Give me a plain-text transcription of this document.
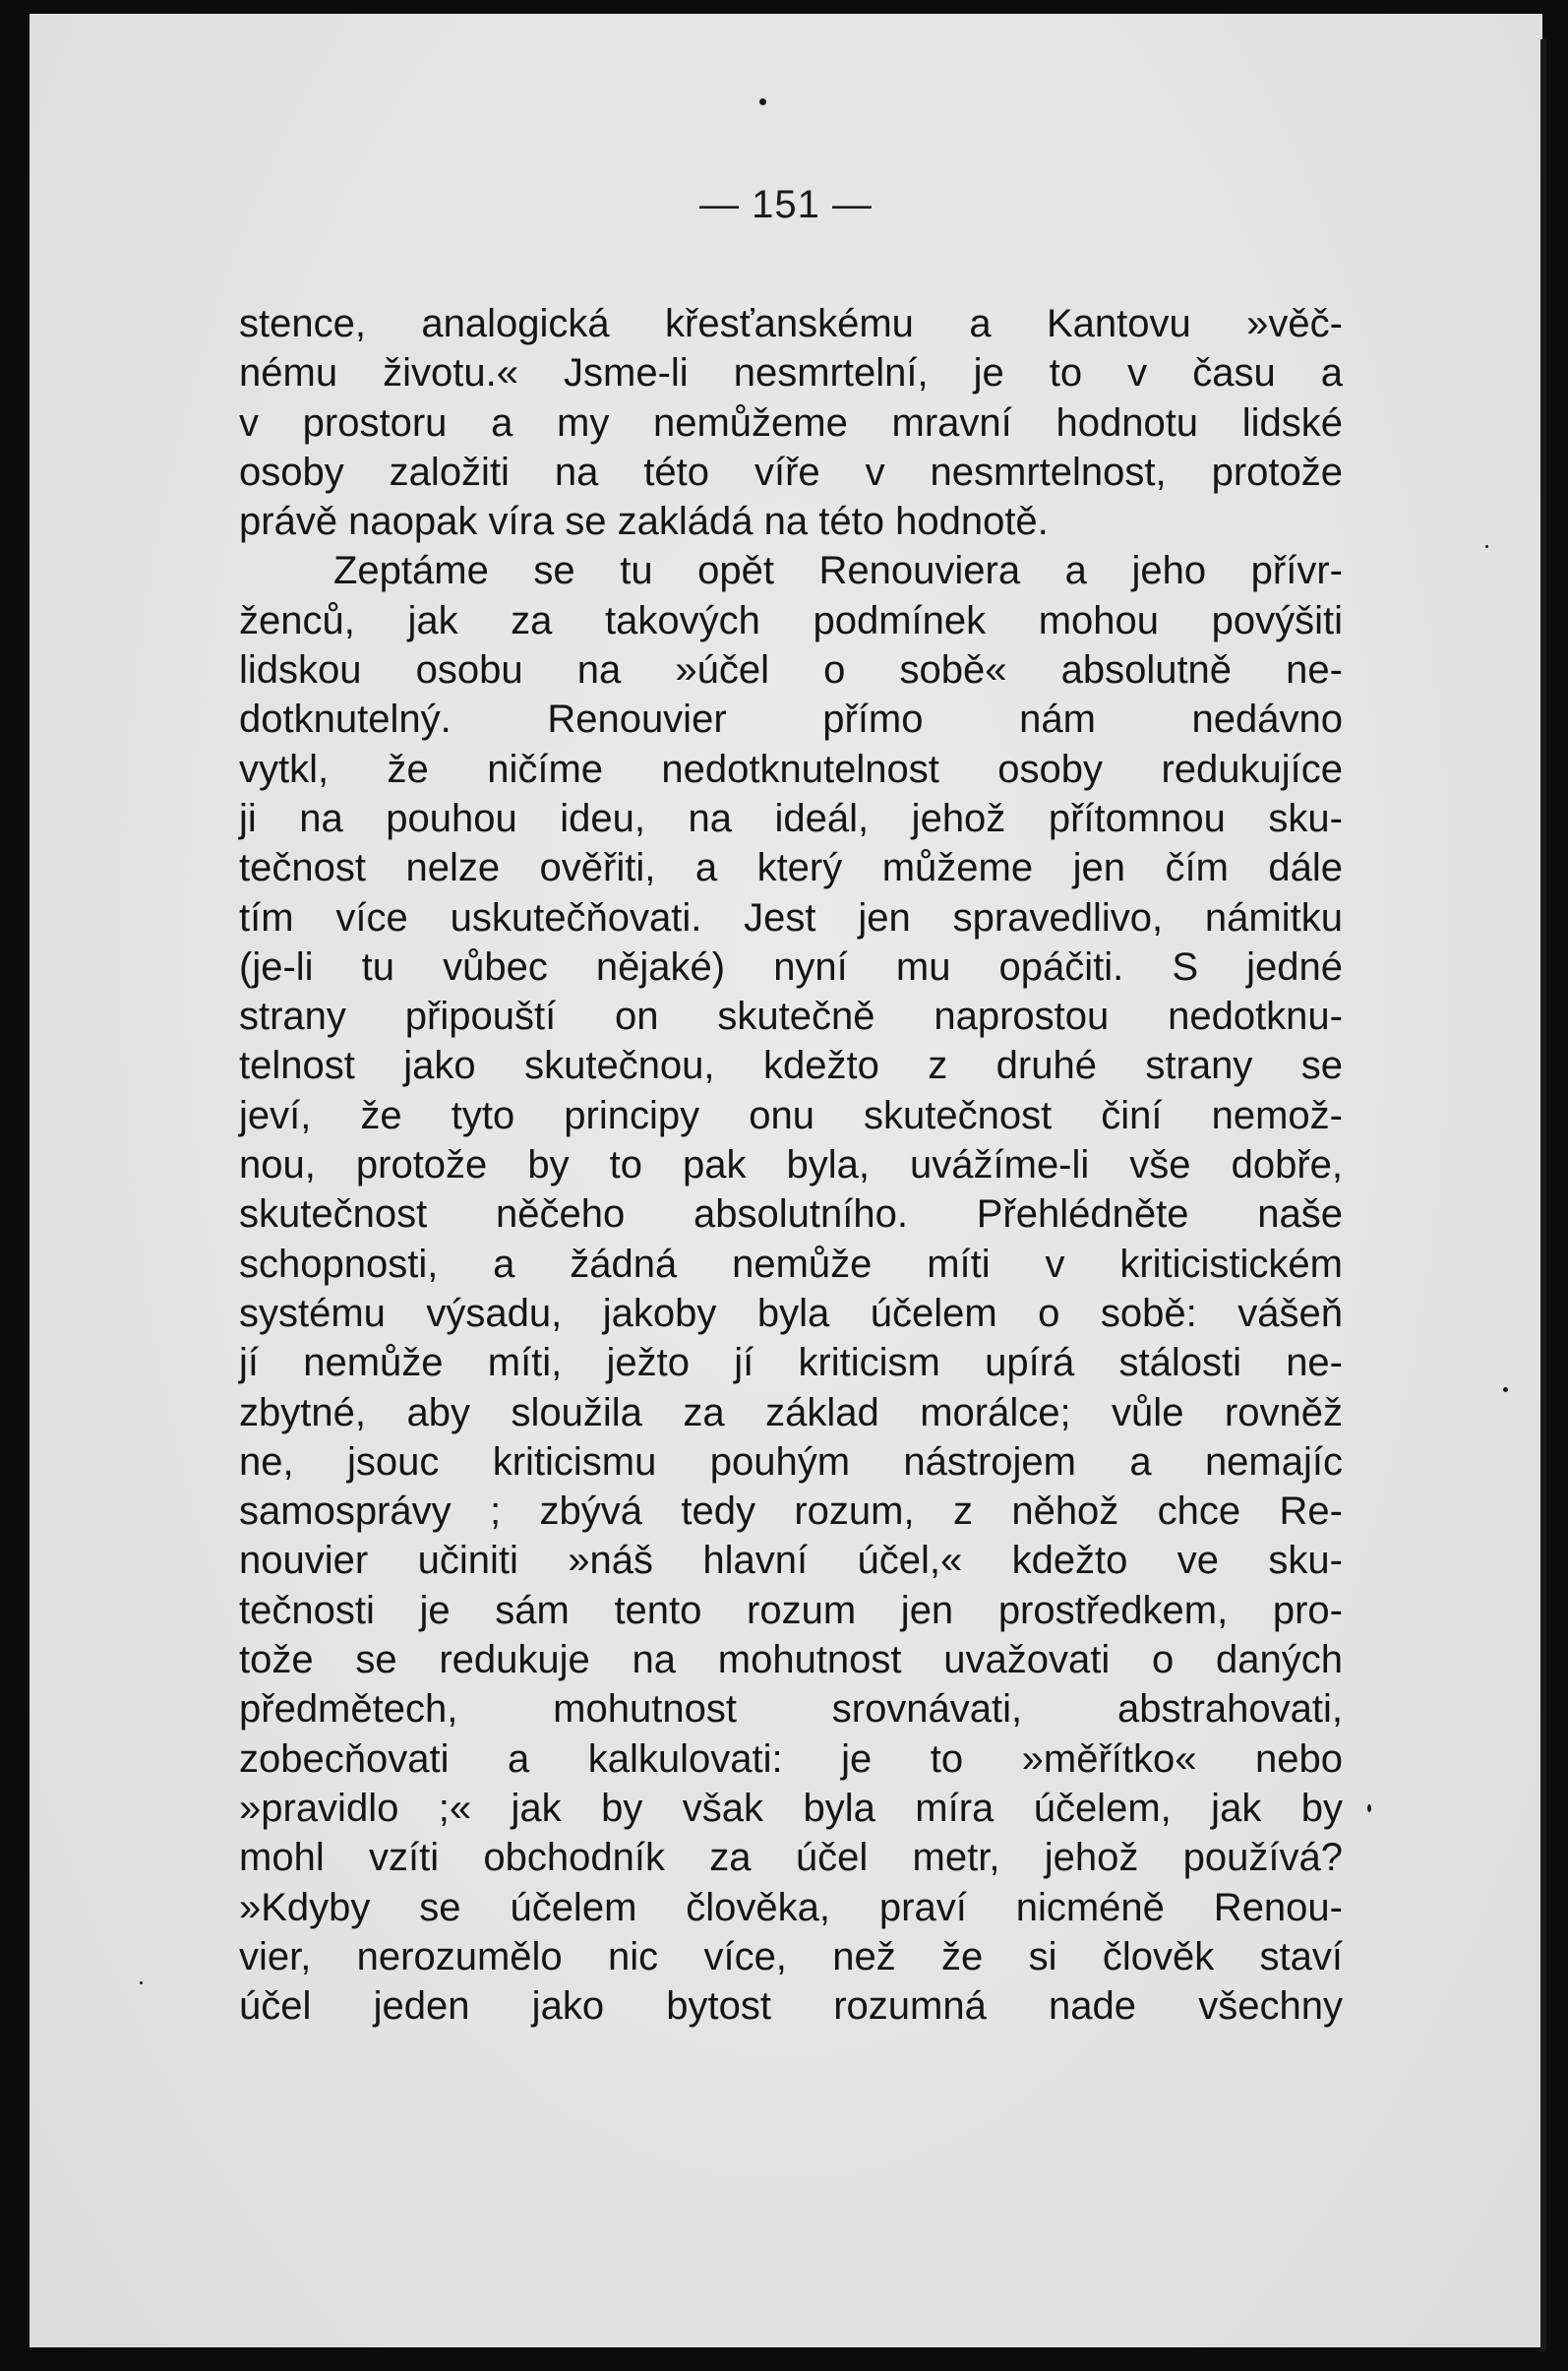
— 151 —
stence, analogická křesťanskému a Kantovu »věč-
nému životu.« Jsme-li nesmrtelní, je to v času a
v prostoru a my nemůžeme mravní hodnotu lidské
osoby založiti na této víře v nesmrtelnost, protože
právě naopak víra se zakládá na této hodnotě.
Zeptáme se tu opět Renouviera a jeho přívr-
ženců, jak za takových podmínek mohou povýšiti
lidskou osobu na »účel o sobě« absolutně ne-
dotknutelný. Renouvier přímo nám nedávno
vytkl, že ničíme nedotknutelnost osoby redukujíce
ji na pouhou ideu, na ideál, jehož přítomnou sku-
tečnost nelze ověřiti, a který můžeme jen čím dále
tím více uskutečňovati. Jest jen spravedlivo, námitku
(je-li tu vůbec nějaké) nyní mu opáčiti. S jedné
strany připouští on skutečně naprostou nedotknu-
telnost jako skutečnou, kdežto z druhé strany se
jeví, že tyto principy onu skutečnost činí nemož-
nou, protože by to pak byla, uvážíme-li vše dobře,
skutečnost něčeho absolutního. Přehlédněte naše
schopnosti, a žádná nemůže míti v kriticistickém
systému výsadu, jakoby byla účelem o sobě: vášeň
jí nemůže míti, ježto jí kriticism upírá stálosti ne-
zbytné, aby sloužila za základ morálce; vůle rovněž
ne, jsouc kriticismu pouhým nástrojem a nemajíc
samosprávy ; zbývá tedy rozum, z něhož chce Re-
nouvier učiniti »náš hlavní účel,« kdežto ve sku-
tečnosti je sám tento rozum jen prostředkem, pro-
tože se redukuje na mohutnost uvažovati o daných
předmětech, mohutnost srovnávati, abstrahovati,
zobecňovati a kalkulovati: je to »měřítko« nebo
»pravidlo ;« jak by však byla míra účelem, jak by
mohl vzíti obchodník za účel metr, jehož používá?
»Kdyby se účelem člověka, praví nicméně Renou-
vier, nerozumělo nic více, než že si člověk staví
účel jeden jako bytost rozumná nade všechny
